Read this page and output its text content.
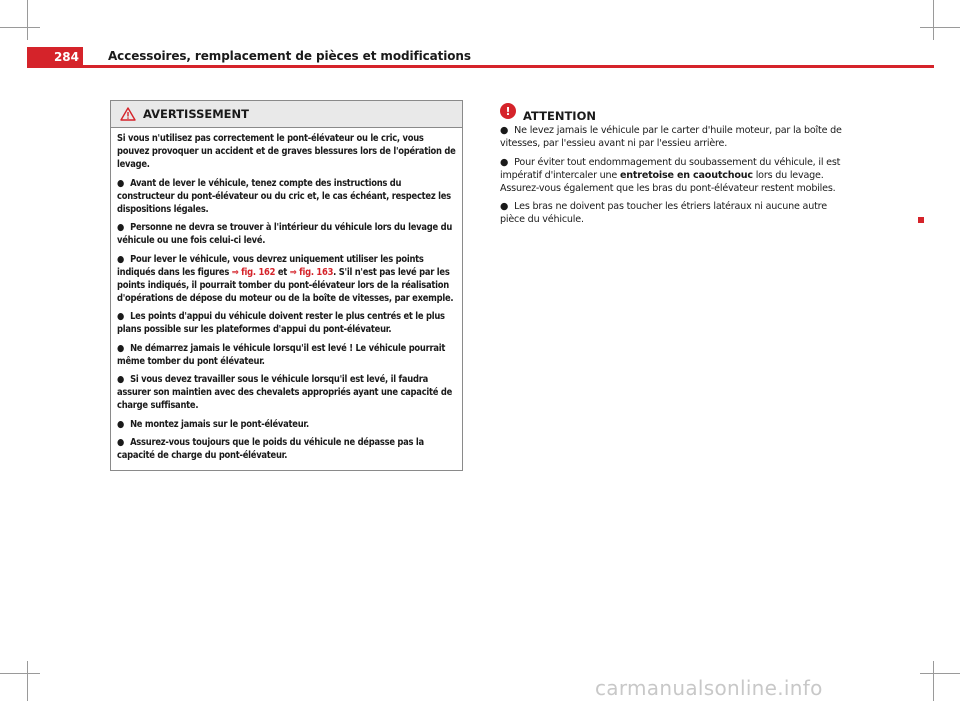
284	Accessoires, remplacement de pièces et modifications
AVERTISSEMENT

Si vous n'utilisez pas correctement le pont-élévateur ou le cric, vous pouvez provoquer un accident et de graves blessures lors de l'opération de levage.

● Avant de lever le véhicule, tenez compte des instructions du constructeur du pont-élévateur ou du cric et, le cas échéant, respectez les dispositions légales.

● Personne ne devra se trouver à l'intérieur du véhicule lors du levage du véhicule ou une fois celui-ci levé.

● Pour lever le véhicule, vous devrez uniquement utiliser les points indiqués dans les figures ⇒ fig. 162 et ⇒ fig. 163. S'il n'est pas levé par les points indiqués, il pourrait tomber du pont-élévateur lors de la réalisation d'opérations de dépose du moteur ou de la boîte de vitesses, par exemple.

● Les points d'appui du véhicule doivent rester le plus centrés et le plus plans possible sur les plateformes d'appui du pont-élévateur.

● Ne démarrez jamais le véhicule lorsqu'il est levé ! Le véhicule pourrait même tomber du pont élévateur.

● Si vous devez travailler sous le véhicule lorsqu'il est levé, il faudra assurer son maintien avec des chevalets appropriés ayant une capacité de charge suffisante.

● Ne montez jamais sur le pont-élévateur.

● Assurez-vous toujours que le poids du véhicule ne dépasse pas la capacité de charge du pont-élévateur.

!	ATTENTION

● Ne levez jamais le véhicule par le carter d'huile moteur, par la boîte de vitesses, par l'essieu avant ni par l'essieu arrière.

● Pour éviter tout endommagement du soubassement du véhicule, il est impératif d'intercaler une entretoise en caoutchouc lors du levage. Assurez-vous également que les bras du pont-élévateur restent mobiles.

● Les bras ne doivent pas toucher les étriers latéraux ni aucune autre pièce du véhicule.

carmanualsonline.info
